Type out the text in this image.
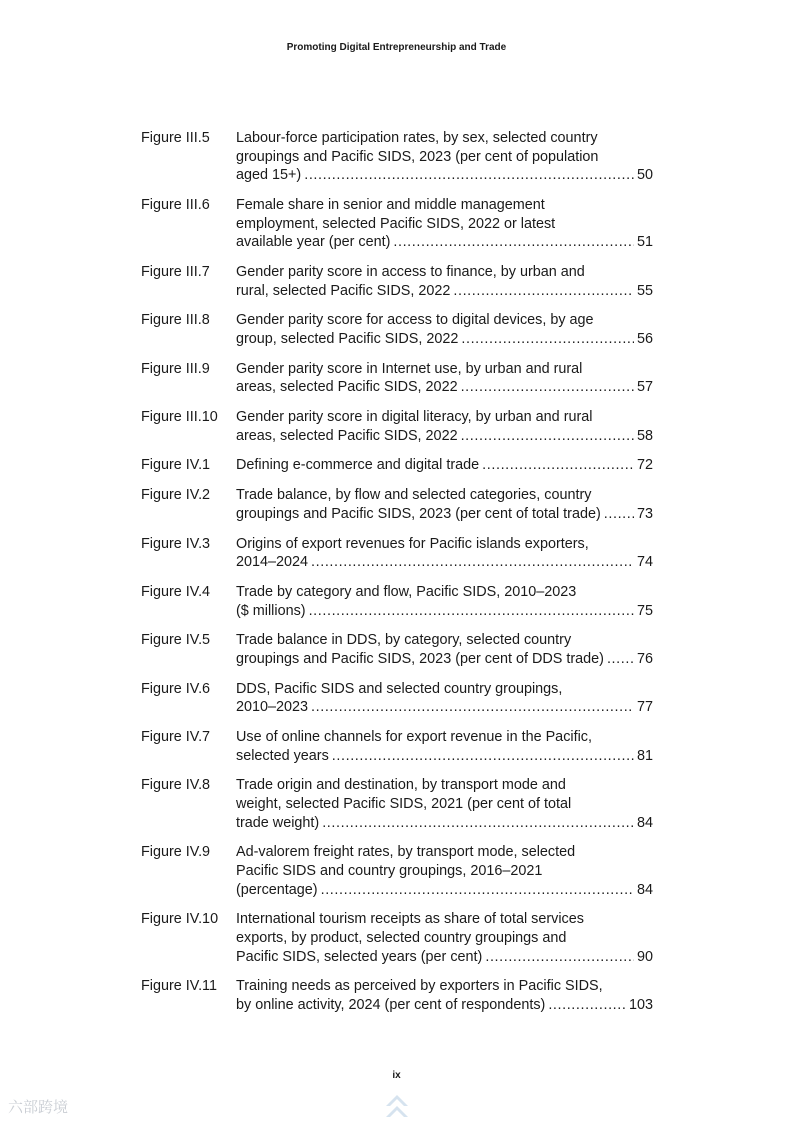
Promoting Digital Entrepreneurship and Trade
Figure III.5 Labour-force participation rates, by sex, selected country
groupings and Pacific SIDS, 2023 (per cent of population
aged 15+) .....	50
Figure III.6 Female share in senior and middle management
employment, selected Pacific SIDS, 2022 or latest
available year (per cent) .....	51
Figure III.7 Gender parity score in access to finance, by urban and
rural, selected Pacific SIDS, 2022 .....	55
Figure III.8 Gender parity score for access to digital devices, by age
group, selected Pacific SIDS, 2022 .....	56
Figure III.9 Gender parity score in Internet use, by urban and rural
areas, selected Pacific SIDS, 2022 .....	57
Figure III.10 Gender parity score in digital literacy, by urban and rural
areas, selected Pacific SIDS, 2022 .....	58
Figure IV.1 Defining e-commerce and digital trade .....	72
Figure IV.2 Trade balance, by flow and selected categories, country
groupings and Pacific SIDS, 2023 (per cent of total trade) .....	73
Figure IV.3 Origins of export revenues for Pacific islands exporters,
2014–2024 .....	74
Figure IV.4 Trade by category and flow, Pacific SIDS, 2010–2023
($ millions) .....	75
Figure IV.5 Trade balance in DDS, by category, selected country
groupings and Pacific SIDS, 2023 (per cent of DDS trade) ..... 76
Figure IV.6 DDS, Pacific SIDS and selected country groupings,
2010–2023 .....	77
Figure IV.7 Use of online channels for export revenue in the Pacific,
selected years .....	81
Figure IV.8 Trade origin and destination, by transport mode and
weight, selected Pacific SIDS, 2021 (per cent of total
trade weight) .....	84
Figure IV.9 Ad-valorem freight rates, by transport mode, selected
Pacific SIDS and country groupings, 2016–2021
(percentage) .....	84
Figure IV.10 International tourism receipts as share of total services
exports, by product, selected country groupings and
Pacific SIDS, selected years (per cent) .....	90
Figure IV.11 Training needs as perceived by exporters in Pacific SIDS,
by online activity, 2024 (per cent of respondents) .....	103
ix
六部跨境
